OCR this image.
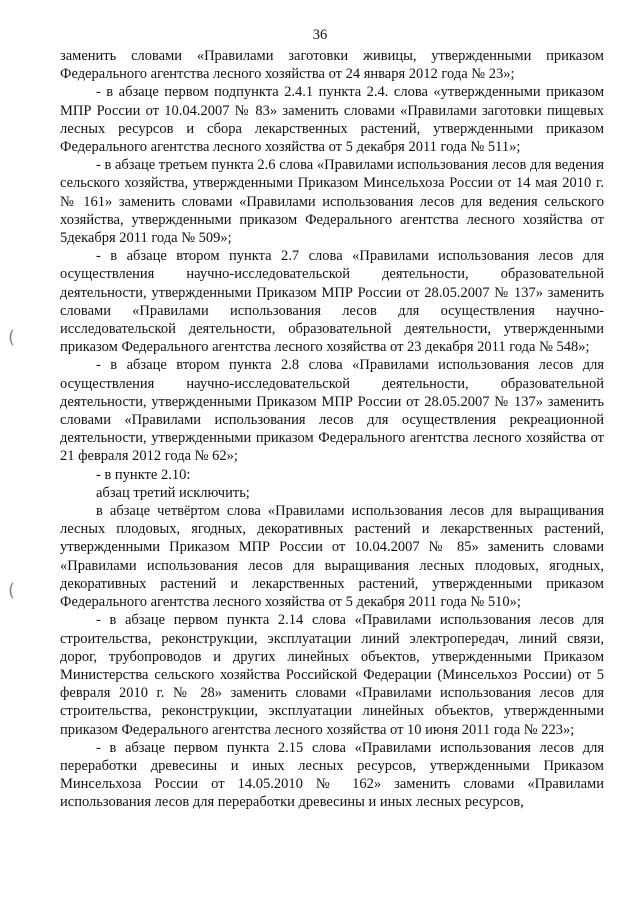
36
(
(

заменить словами «Правилами заготовки живицы, утвержденными приказом Федерального агентства лесного хозяйства от 24 января 2012 года № 23»;

- в абзаце первом подпункта 2.4.1 пункта 2.4. слова «утвержденными приказом МПР России от 10.04.2007 № 83» заменить словами «Правилами заготовки пищевых лесных ресурсов и сбора лекарственных растений, утвержденными приказом Федерального агентства лесного хозяйства от 5 декабря 2011 года № 511»;

- в абзаце третьем пункта 2.6 слова «Правилами использования лесов для ведения сельского хозяйства, утвержденными Приказом Минсельхоза России от 14 мая 2010 г. № 161» заменить словами «Правилами использования лесов для ведения сельского хозяйства, утвержденными приказом Федерального агентства лесного хозяйства от 5декабря 2011 года № 509»;

- в абзаце втором пункта 2.7 слова «Правилами использования лесов для осуществления научно-исследовательской деятельности, образовательной деятельности, утвержденными Приказом МПР России от 28.05.2007 № 137» заменить словами «Правилами использования лесов для осуществления научно-исследовательской деятельности, образовательной деятельности, утвержденными приказом Федерального агентства лесного хозяйства от 23 декабря 2011 года № 548»;

- в абзаце втором пункта 2.8 слова «Правилами использования лесов для осуществления научно-исследовательской деятельности, образовательной деятельности, утвержденными Приказом МПР России от 28.05.2007 № 137» заменить словами «Правилами использования лесов для осуществления рекреационной деятельности, утвержденными приказом Федерального агентства лесного хозяйства от 21 февраля 2012 года № 62»;

- в пункте 2.10:

абзац третий исключить;

в абзаце четвёртом слова «Правилами использования лесов для выращивания лесных плодовых, ягодных, декоративных растений и лекарственных растений, утвержденными Приказом МПР России от 10.04.2007 № 85» заменить словами «Правилами использования лесов для выращивания лесных плодовых, ягодных, декоративных растений и лекарственных растений, утвержденными приказом Федерального агентства лесного хозяйства от 5 декабря 2011 года № 510»;

- в абзаце первом пункта 2.14 слова «Правилами использования лесов для строительства, реконструкции, эксплуатации линий электропередач, линий связи, дорог, трубопроводов и других линейных объектов, утвержденными Приказом Министерства сельского хозяйства Российской Федерации (Минсельхоз России) от 5 февраля 2010 г. № 28» заменить словами «Правилами использования лесов для строительства, реконструкции, эксплуатации линейных объектов, утвержденными приказом Федерального агентства лесного хозяйства от 10 июня 2011 года № 223»;

- в абзаце первом пункта 2.15 слова «Правилами использования лесов для переработки древесины и иных лесных ресурсов, утвержденными Приказом Минсельхоза России от 14.05.2010 № 162» заменить словами «Правилами использования лесов для переработки древесины и иных лесных ресурсов,
